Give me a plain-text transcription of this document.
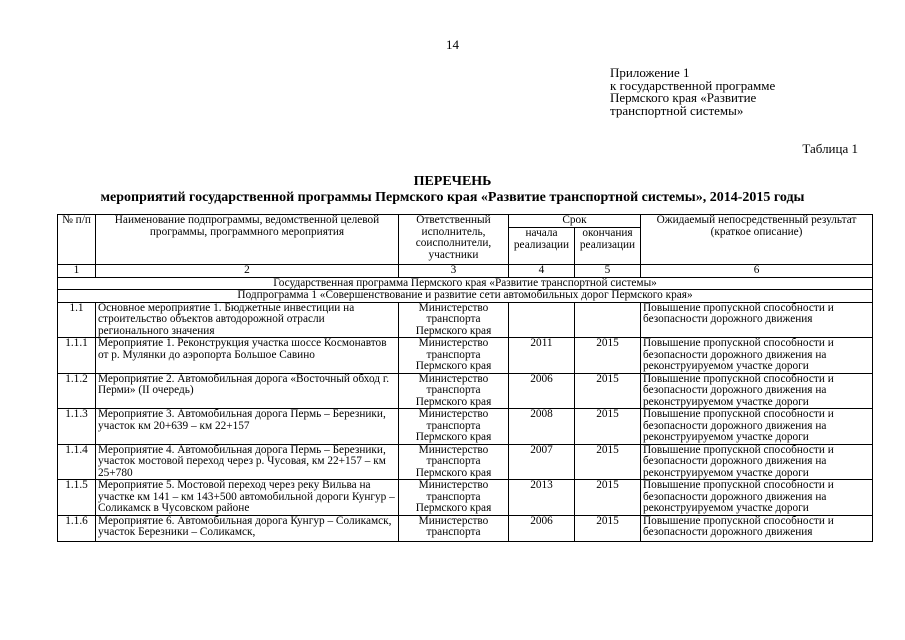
14
Приложение 1
к государственной программе
Пермского края «Развитие
транспортной системы»
Таблица 1
ПЕРЕЧЕНЬ
мероприятий государственной программы Пермского края «Развитие транспортной системы», 2014-2015 годы
№ п/п	Наименование подпрограммы, ведомственной целевой программы, программного мероприятия	Ответственный исполнитель, соисполнители, участники	Срок		Ожидаемый непосредственный результат (краткое описание)
			начала реализации	окончания реализации	
1	2	3	4	5	6
Государственная программа Пермского края «Развитие транспортной системы»					
Подпрограмма 1 «Совершенствование и развитие сети автомобильных дорог Пермского края»					
1.1	Основное мероприятие 1. Бюджетные инвестиции на строительство объектов автодорожной отрасли регионального значения	Министерство транспорта Пермского края			Повышение пропускной способности и безопасности дорожного движения
1.1.1	Мероприятие 1. Реконструкция участка шоссе Космонавтов от р. Мулянки до аэропорта Большое Савино	Министерство транспорта Пермского края	2011	2015	Повышение пропускной способности и безопасности дорожного движения на реконструируемом участке дороги
1.1.2	Мероприятие 2. Автомобильная дорога «Восточный обход г. Перми» (II очередь)	Министерство транспорта Пермского края	2006	2015	Повышение пропускной способности и безопасности дорожного движения на реконструируемом участке дороги
1.1.3	Мероприятие 3. Автомобильная дорога Пермь – Березники, участок км 20+639 – км 22+157	Министерство транспорта Пермского края	2008	2015	Повышение пропускной способности и безопасности дорожного движения на реконструируемом участке дороги
1.1.4	Мероприятие 4. Автомобильная дорога Пермь – Березники, участок мостовой переход через р. Чусовая, км 22+157 – км 25+780	Министерство транспорта Пермского края	2007	2015	Повышение пропускной способности и безопасности дорожного движения на реконструируемом участке дороги
1.1.5	Мероприятие 5. Мостовой переход через реку Вильва на участке км 141 – км 143+500 автомобильной дороги Кунгур – Соликамск в Чусовском районе	Министерство транспорта Пермского края	2013	2015	Повышение пропускной способности и безопасности дорожного движения на реконструируемом участке дороги
1.1.6	Мероприятие 6. Автомобильная дорога Кунгур – Соликамск, участок Березники – Соликамск,	Министерство транспорта	2006	2015	Повышение пропускной способности и безопасности дорожного движения
